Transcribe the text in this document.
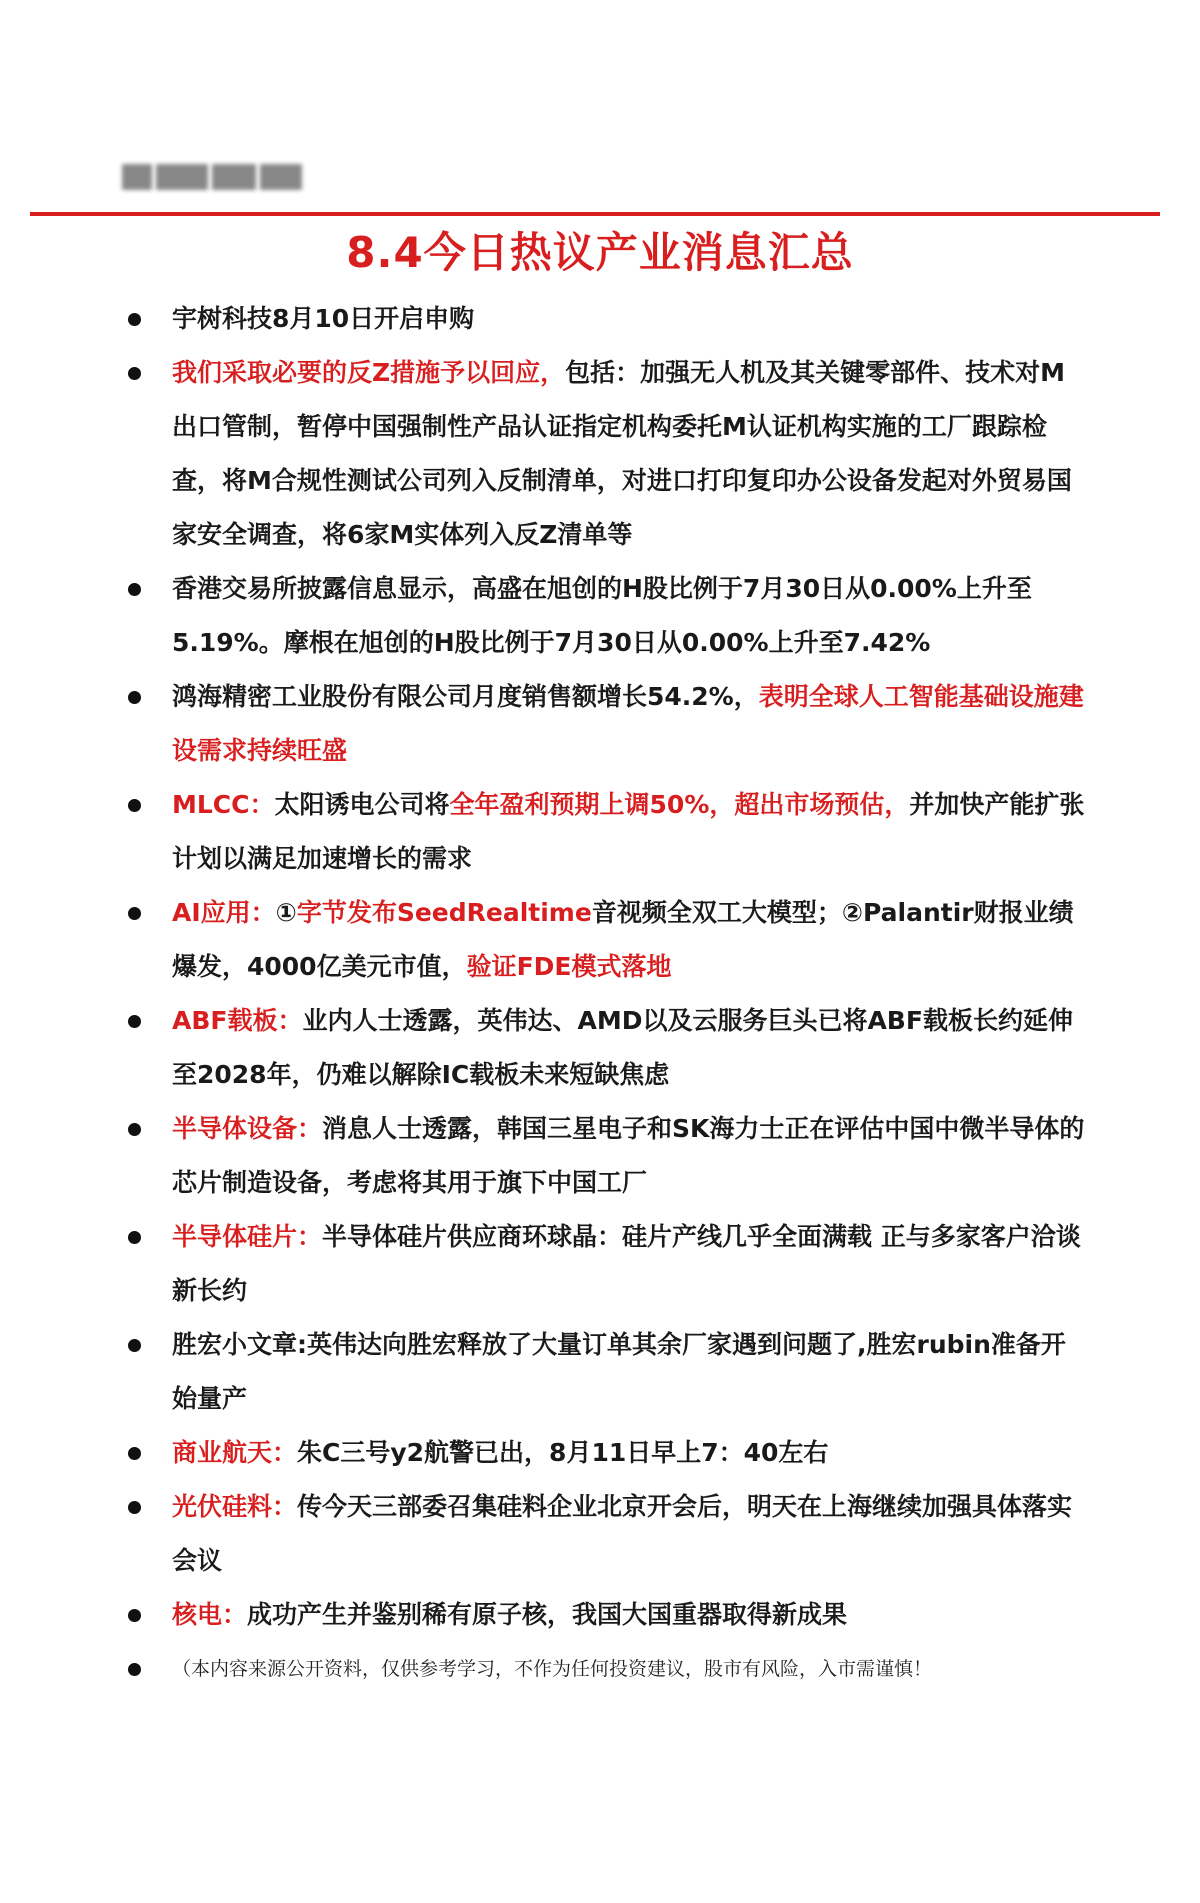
8.4今日热议产业消息汇总
宇树科技8月10日开启申购
我们采取必要的反Z措施予以回应，包括：加强无人机及其关键零部件、技术对M出口管制，暂停中国强制性产品认证指定机构委托M认证机构实施的工厂跟踪检查，将M合规性测试公司列入反制清单，对进口打印复印办公设备发起对外贸易国家安全调查，将6家M实体列入反Z清单等
香港交易所披露信息显示，高盛在旭创的H股比例于7月30日从0.00%上升至5.19%。摩根在旭创的H股比例于7月30日从0.00%上升至7.42%
鸿海精密工业股份有限公司月度销售额增长54.2%，表明全球人工智能基础设施建设需求持续旺盛
MLCC：太阳诱电公司将全年盈利预期上调50%，超出市场预估，并加快产能扩张计划以满足加速增长的需求
AI应用：①字节发布SeedRealtime音视频全双工大模型；②Palantir财报业绩爆发，4000亿美元市值，验证FDE模式落地
ABF载板：业内人士透露，英伟达、AMD以及云服务巨头已将ABF载板长约延伸至2028年，仍难以解除IC载板未来短缺焦虑
半导体设备：消息人士透露，韩国三星电子和SK海力士正在评估中国中微半导体的芯片制造设备，考虑将其用于旗下中国工厂
半导体硅片：半导体硅片供应商环球晶：硅片产线几乎全面满载 正与多家客户洽谈新长约
胜宏小文章:英伟达向胜宏释放了大量订单其余厂家遇到问题了,胜宏rubin准备开始量产
商业航天：朱C三号y2航警已出，8月11日早上7：40左右
光伏硅料：传今天三部委召集硅料企业北京开会后，明天在上海继续加强具体落实会议
核电：成功产生并鉴别稀有原子核，我国大国重器取得新成果
（本内容来源公开资料，仅供参考学习，不作为任何投资建议，股市有风险，入市需谨慎！
